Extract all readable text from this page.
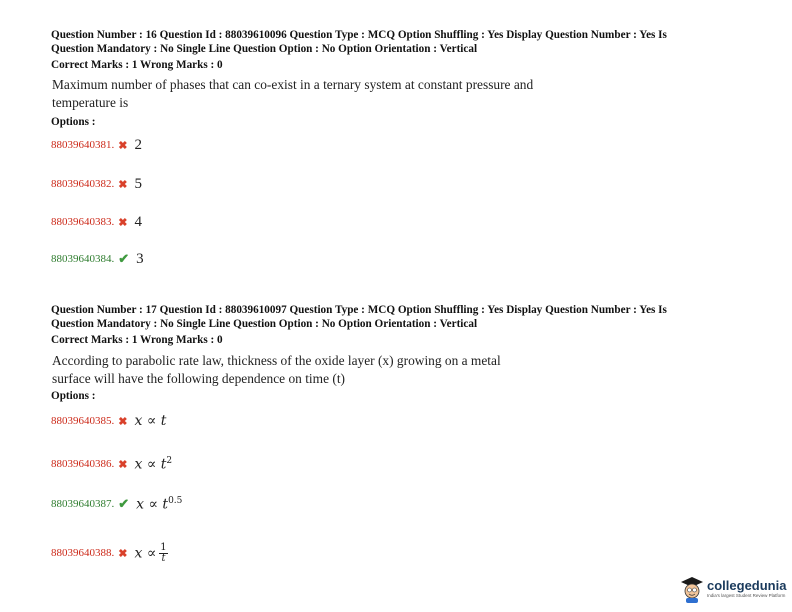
Question Number : 16 Question Id : 88039610096 Question Type : MCQ Option Shuffling : Yes Display Question Number : Yes Is
Question Mandatory : No Single Line Question Option : No Option Orientation : Vertical
Correct Marks : 1 Wrong Marks : 0
Maximum number of phases that can co-exist in a ternary system at constant pressure and
temperature is
Options :
88039640381. ✖ 2
88039640382. ✖ 5
88039640383. ✖ 4
88039640384. ✔ 3
Question Number : 17 Question Id : 88039610097 Question Type : MCQ Option Shuffling : Yes Display Question Number : Yes Is
Question Mandatory : No Single Line Question Option : No Option Orientation : Vertical
Correct Marks : 1 Wrong Marks : 0
According to parabolic rate law, thickness of the oxide layer (x) growing on a metal
surface will have the following dependence on time (t)
Options :
88039640385. ✖ x ∝ t
88039640386. ✖ $x \propto t^2$
88039640387. ✔ $x \propto t^{0.5}$
88039640388. ✖ $x \propto \frac{1}{t}$
collegedunia
India's largest Student Review Platform
